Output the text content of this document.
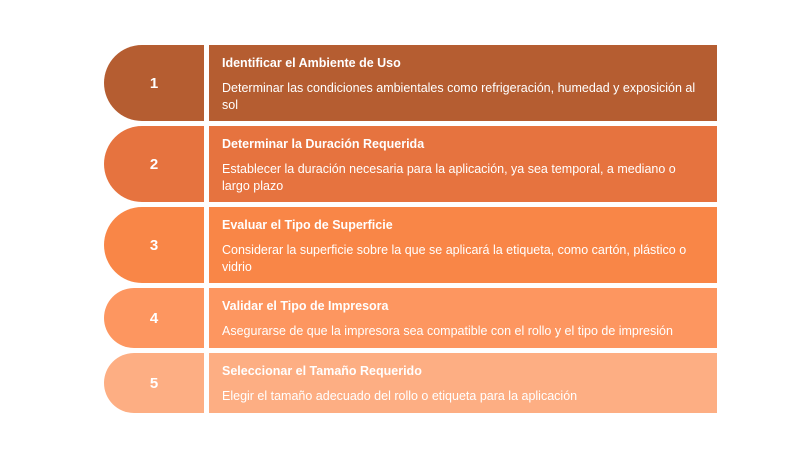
1

Identificar el Ambiente de Uso

Determinar las condiciones ambientales como refrigeración, humedad y exposición al sol

2

Determinar la Duración Requerida

Establecer la duración necesaria para la aplicación, ya sea temporal, a mediano o largo plazo

3

Evaluar el Tipo de Superficie

Considerar la superficie sobre la que se aplicará la etiqueta, como cartón, plástico o vidrio

4

Validar el Tipo de Impresora

Asegurarse de que la impresora sea compatible con el rollo y el tipo de impresión

5

Seleccionar el Tamaño Requerido

Elegir el tamaño adecuado del rollo o etiqueta para la aplicación
